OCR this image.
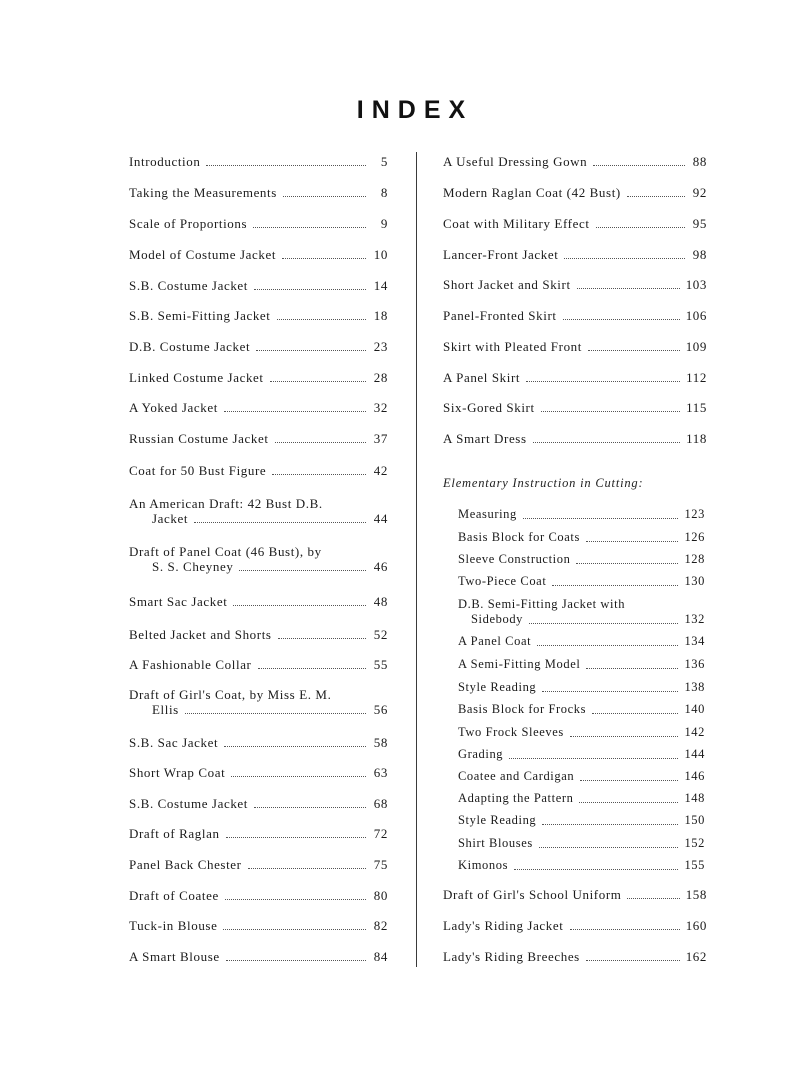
INDEX
Introduction	5
Taking the Measurements	8
Scale of Proportions	9
Model of Costume Jacket	10
S.B. Costume Jacket	14
S.B. Semi-Fitting Jacket	18
D.B. Costume Jacket	23
Linked Costume Jacket	28
A Yoked Jacket	32
Russian Costume Jacket	37
Coat for 50 Bust Figure	42
An American Draft: 42 Bust D.B.
Jacket	44
Draft of Panel Coat (46 Bust), by
S. S. Cheyney	46
Smart Sac Jacket	48
Belted Jacket and Shorts	52
A Fashionable Collar	55
Draft of Girl's Coat, by Miss E. M.
Ellis	56
S.B. Sac Jacket	58
Short Wrap Coat	63
S.B. Costume Jacket	68
Draft of Raglan	72
Panel Back Chester	75
Draft of Coatee	80
Tuck-in Blouse	82
A Smart Blouse	84
A Useful Dressing Gown	88
Modern Raglan Coat (42 Bust)	92
Coat with Military Effect	95
Lancer-Front Jacket	98
Short Jacket and Skirt	103
Panel-Fronted Skirt	106
Skirt with Pleated Front	109
A Panel Skirt	112
Six-Gored Skirt	115
A Smart Dress	118
Elementary Instruction in Cutting:
Measuring	123
Basis Block for Coats	126
Sleeve Construction	128
Two-Piece Coat	130
D.B. Semi-Fitting Jacket with
Sidebody	132
A Panel Coat	134
A Semi-Fitting Model	136
Style Reading	138
Basis Block for Frocks	140
Two Frock Sleeves	142
Grading	144
Coatee and Cardigan	146
Adapting the Pattern	148
Style Reading	150
Shirt Blouses	152
Kimonos	155
Draft of Girl's School Uniform	158
Lady's Riding Jacket	160
Lady's Riding Breeches	162
